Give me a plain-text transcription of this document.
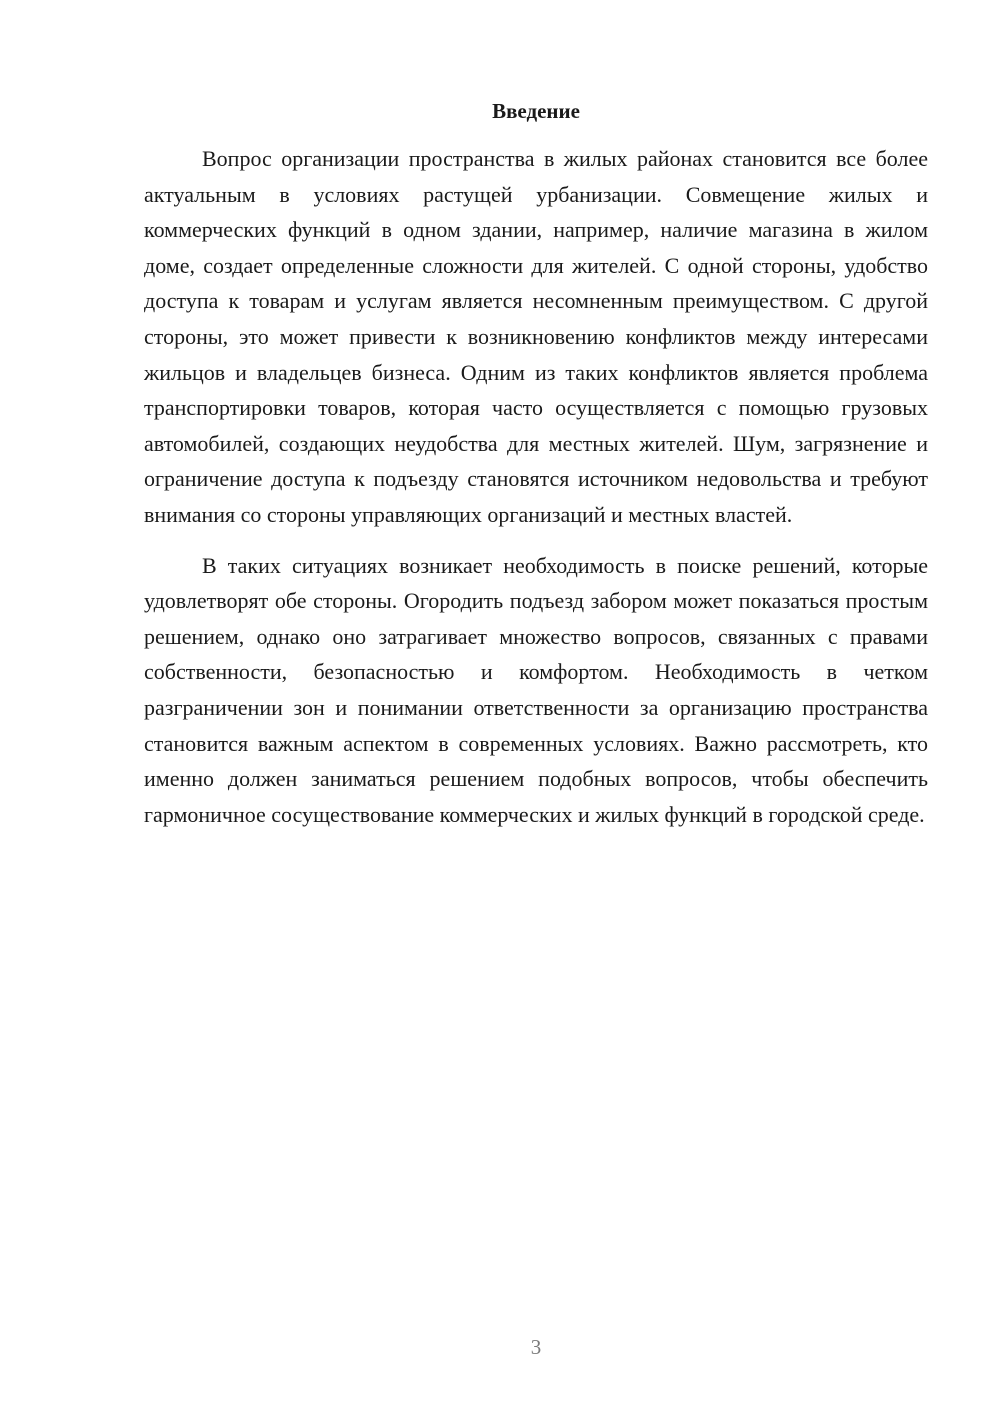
Введение

Вопрос организации пространства в жилых районах становится все более актуальным в условиях растущей урбанизации. Совмещение жилых и коммерческих функций в одном здании, например, наличие магазина в жилом доме, создает определенные сложности для жителей. С одной стороны, удобство доступа к товарам и услугам является несомненным преимуществом. С другой стороны, это может привести к возникновению конфликтов между интересами жильцов и владельцев бизнеса. Одним из таких конфликтов является проблема транспортировки товаров, которая часто осуществляется с помощью грузовых автомобилей, создающих неудобства для местных жителей. Шум, загрязнение и ограничение доступа к подъезду становятся источником недовольства и требуют внимания со стороны управляющих организаций и местных властей.

В таких ситуациях возникает необходимость в поиске решений, которые удовлетворят обе стороны. Огородить подъезд забором может показаться простым решением, однако оно затрагивает множество вопросов, связанных с правами собственности, безопасностью и комфортом. Необходимость в четком разграничении зон и понимании ответственности за организацию пространства становится важным аспектом в современных условиях. Важно рассмотреть, кто именно должен заниматься решением подобных вопросов, чтобы обеспечить гармоничное сосуществование коммерческих и жилых функций в городской среде.

3
